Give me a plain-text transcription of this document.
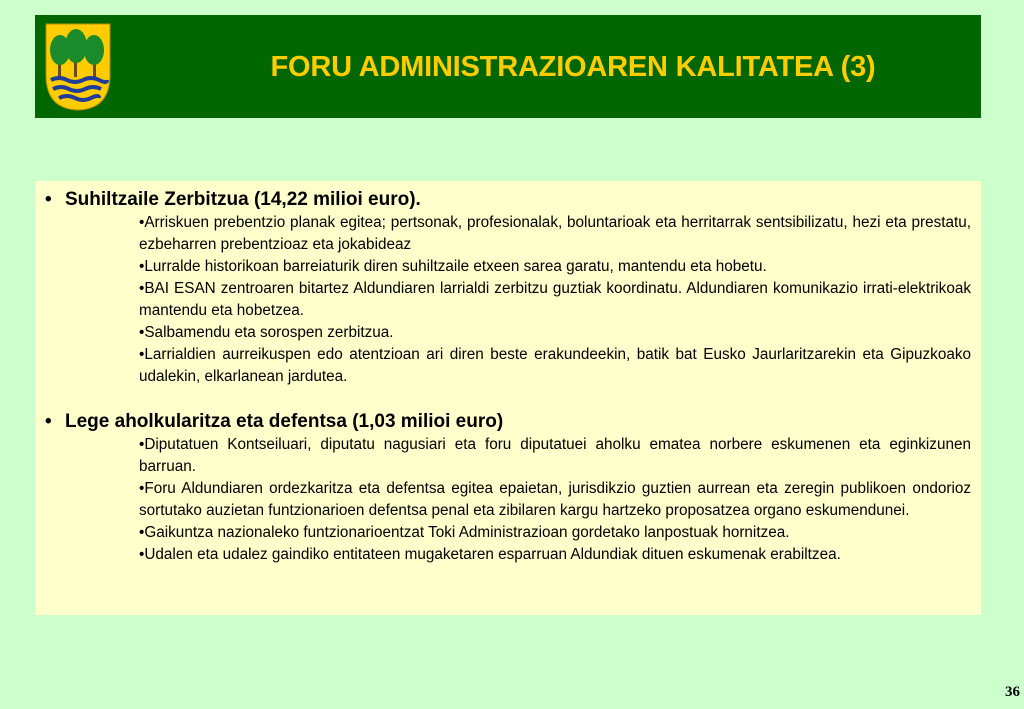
FORU ADMINISTRAZIOAREN KALITATEA (3)
• Suhiltzaile Zerbitzua (14,22 milioi euro).
•Arriskuen prebentzio planak egitea; pertsonak, profesionalak, boluntarioak eta herritarrak sentsibilizatu, hezi eta prestatu, ezbeharren prebentzioaz eta jokabideaz
•Lurralde historikoan barreiaturik diren suhiltzaile etxeen sarea garatu, mantendu eta hobetu.
•BAI ESAN zentroaren bitartez Aldundiaren larrialdi zerbitzu guztiak koordinatu. Aldundiaren komunikazio irrati-elektrikoak mantendu eta hobetzea.
•Salbamendu eta sorospen zerbitzua.
•Larrialdien aurreikuspen edo atentzioan ari diren beste erakundeekin, batik bat Eusko Jaurlaritzarekin eta Gipuzkoako udalekin, elkarlanean jardutea.
• Lege aholkularitza eta defentsa (1,03 milioi euro)
•Diputatuen Kontseiluari, diputatu nagusiari eta foru diputatuei aholku ematea norbere eskumenen eta eginkizunen barruan.
•Foru Aldundiaren ordezkaritza eta defentsa egitea epaietan, jurisdikzio guztien aurrean eta zeregin publikoen ondorioz sortutako auzietan funtzionarioen defentsa penal eta zibilaren kargu hartzeko proposatzea organo eskumendunei.
•Gaikuntza nazionaleko funtzionarioentzat Toki Administrazioan gordetako lanpostuak hornitzea.
•Udalen eta udalez gaindiko entitateen mugaketaren esparruan Aldundiak dituen eskumenak erabiltzea.
36
